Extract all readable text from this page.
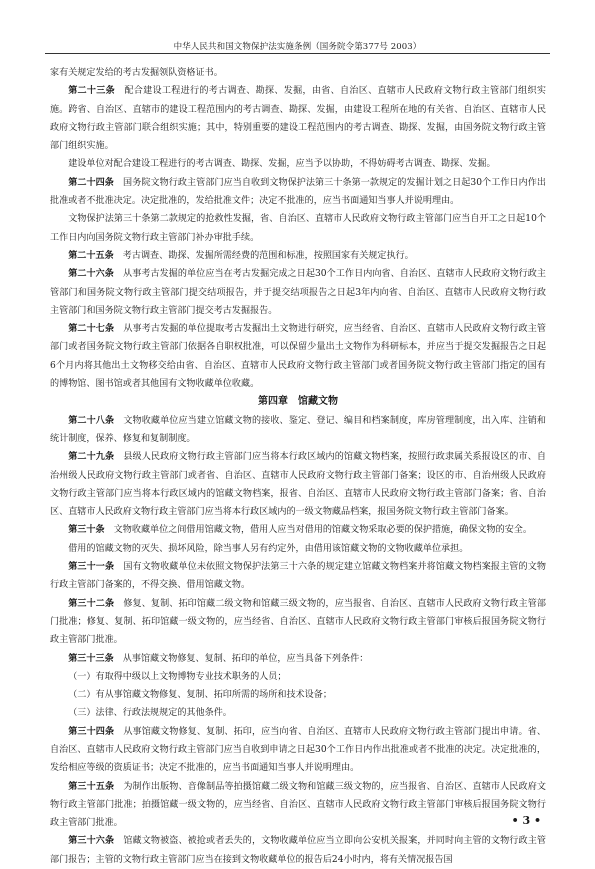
中华人民共和国文物保护法实施条例（国务院令第377号 2003）

家有关规定发给的考古发掘领队资格证书。

第二十三条　配合建设工程进行的考古调查、勘探、发掘，由省、自治区、直辖市人民政府文物行政主管部门组织实施。跨省、自治区、直辖市的建设工程范围内的考古调查、勘探、发掘，由建设工程所在地的有关省、自治区、直辖市人民政府文物行政主管部门联合组织实施；其中，特别重要的建设工程范围内的考古调查、勘探、发掘，由国务院文物行政主管部门组织实施。

建设单位对配合建设工程进行的考古调查、勘探、发掘，应当予以协助，不得妨碍考古调查、勘探、发掘。

第二十四条　国务院文物行政主管部门应当自收到文物保护法第三十条第一款规定的发掘计划之日起30个工作日内作出批准或者不批准决定。决定批准的，发给批准文件；决定不批准的，应当书面通知当事人并说明理由。

文物保护法第三十条第二款规定的抢救性发掘，省、自治区、直辖市人民政府文物行政主管部门应当自开工之日起10个工作日内向国务院文物行政主管部门补办审批手续。

第二十五条　考古调查、勘探、发掘所需经费的范围和标准，按照国家有关规定执行。

第二十六条　从事考古发掘的单位应当在考古发掘完成之日起30个工作日内向省、自治区、直辖市人民政府文物行政主管部门和国务院文物行政主管部门提交结项报告，并于提交结项报告之日起3年内向省、自治区、直辖市人民政府文物行政主管部门和国务院文物行政主管部门提交考古发掘报告。

第二十七条　从事考古发掘的单位提取考古发掘出土文物进行研究，应当经省、自治区、直辖市人民政府文物行政主管部门或者国务院文物行政主管部门依据各自职权批准，可以保留少量出土文物作为科研标本，并应当于提交发掘报告之日起6个月内将其他出土文物移交给由省、自治区、直辖市人民政府文物行政主管部门或者国务院文物行政主管部门指定的国有的博物馆、图书馆或者其他国有文物收藏单位收藏。

第四章　馆藏文物

第二十八条　文物收藏单位应当建立馆藏文物的接收、鉴定、登记、编目和档案制度，库房管理制度，出入库、注销和统计制度，保养、修复和复制制度。

第二十九条　县级人民政府文物行政主管部门应当将本行政区域内的馆藏文物档案，按照行政隶属关系报设区的市、自治州级人民政府文物行政主管部门或者省、自治区、直辖市人民政府文物行政主管部门备案；设区的市、自治州级人民政府文物行政主管部门应当将本行政区域内的馆藏文物档案，报省、自治区、直辖市人民政府文物行政主管部门备案；省、自治区、直辖市人民政府文物行政主管部门应当将本行政区域内的一级文物藏品档案，报国务院文物行政主管部门备案。

第三十条　文物收藏单位之间借用馆藏文物，借用人应当对借用的馆藏文物采取必要的保护措施，确保文物的安全。

借用的馆藏文物的灭失、损坏风险，除当事人另有约定外，由借用该馆藏文物的文物收藏单位承担。

第三十一条　国有文物收藏单位未依照文物保护法第三十六条的规定建立馆藏文物档案并将馆藏文物档案报主管的文物行政主管部门备案的，不得交换、借用馆藏文物。

第三十二条　修复、复制、拓印馆藏二级文物和馆藏三级文物的，应当报省、自治区、直辖市人民政府文物行政主管部门批准；修复、复制、拓印馆藏一级文物的，应当经省、自治区、直辖市人民政府文物行政主管部门审核后报国务院文物行政主管部门批准。

第三十三条　从事馆藏文物修复、复制、拓印的单位，应当具备下列条件：

（一）有取得中级以上文物博物专业技术职务的人员；

（二）有从事馆藏文物修复、复制、拓印所需的场所和技术设备；

（三）法律、行政法规规定的其他条件。

第三十四条　从事馆藏文物修复、复制、拓印，应当向省、自治区、直辖市人民政府文物行政主管部门提出申请。省、自治区、直辖市人民政府文物行政主管部门应当自收到申请之日起30个工作日内作出批准或者不批准的决定。决定批准的，发给相应等级的资质证书；决定不批准的，应当书面通知当事人并说明理由。

第三十五条　为制作出版物、音像制品等拍摄馆藏二级文物和馆藏三级文物的，应当报省、自治区、直辖市人民政府文物行政主管部门批准；拍摄馆藏一级文物的，应当经省、自治区、直辖市人民政府文物行政主管部门审核后报国务院文物行政主管部门批准。

第三十六条　馆藏文物被盗、被抢或者丢失的，文物收藏单位应当立即向公安机关报案，并同时向主管的文物行政主管部门报告；主管的文物行政主管部门应当在接到文物收藏单位的报告后24小时内，将有关情况报告国

• 3 •
